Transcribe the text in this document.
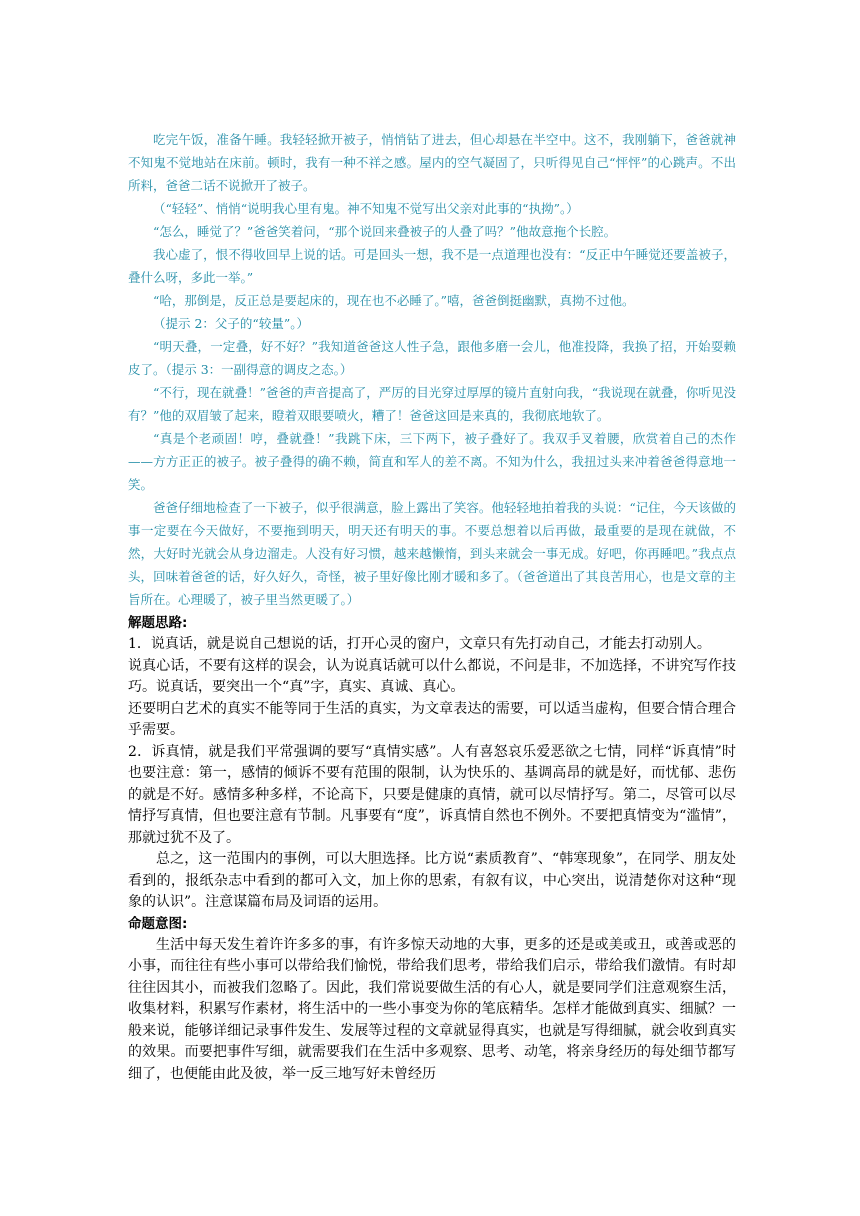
吃完午饭，准备午睡。我轻轻掀开被子，悄悄钻了进去，但心却悬在半空中。这不，我刚躺下，爸爸就神不知鬼不觉地站在床前。顿时，我有一种不祥之感。屋内的空气凝固了，只听得见自己“怦怦”的心跳声。不出所料，爸爸二话不说掀开了被子。

（“轻轻”、悄悄“说明我心里有鬼。神不知鬼不觉写出父亲对此事的“执拗”。）

“怎么，睡觉了？”爸爸笑着问，“那个说回来叠被子的人叠了吗？”他故意拖个长腔。

我心虚了，恨不得收回早上说的话。可是回头一想，我不是一点道理也没有：“反正中午睡觉还要盖被子，叠什么呀，多此一举。”

“哈，那倒是，反正总是要起床的，现在也不必睡了。”嘻，爸爸倒挺幽默，真拗不过他。

（提示 2：父子的“较量”。）

“明天叠，一定叠，好不好？”我知道爸爸这人性子急，跟他多磨一会儿，他准投降，我换了招，开始耍赖皮了。（提示 3：一副得意的调皮之态。）

“不行，现在就叠！”爸爸的声音提高了，严厉的目光穿过厚厚的镜片直射向我，“我说现在就叠，你听见没有？”他的双眉皱了起来，瞪着双眼要喷火，糟了！爸爸这回是来真的，我彻底地软了。

“真是个老顽固！哼，叠就叠！”我跳下床，三下两下，被子叠好了。我双手叉着腰，欣赏着自己的杰作——方方正正的被子。被子叠得的确不赖，简直和军人的差不离。不知为什么，我扭过头来冲着爸爸得意地一笑。

爸爸仔细地检查了一下被子，似乎很满意，脸上露出了笑容。他轻轻地拍着我的头说：“记住，今天该做的事一定要在今天做好，不要拖到明天，明天还有明天的事。不要总想着以后再做，最重要的是现在就做，不然，大好时光就会从身边溜走。人没有好习惯，越来越懒惰，到头来就会一事无成。好吧，你再睡吧。”我点点头，回味着爸爸的话，好久好久，奇怪，被子里好像比刚才暖和多了。（爸爸道出了其良苦用心，也是文章的主旨所在。心理暖了，被子里当然更暖了。）

解题思路:

1．说真话，就是说自己想说的话，打开心灵的窗户，文章只有先打动自己，才能去打动别人。

说真心话，不要有这样的误会，认为说真话就可以什么都说，不问是非，不加选择，不讲究写作技巧。说真话，要突出一个“真”字，真实、真诚、真心。

还要明白艺术的真实不能等同于生活的真实，为文章表达的需要，可以适当虚构，但要合情合理合乎需要。

2．诉真情，就是我们平常强调的要写“真情实感”。人有喜怒哀乐爱恶欲之七情，同样“诉真情”时也要注意：第一，感情的倾诉不要有范围的限制，认为快乐的、基调高昂的就是好，而忧郁、悲伤的就是不好。感情多种多样，不论高下，只要是健康的真情，就可以尽情抒写。第二，尽管可以尽情抒写真情，但也要注意有节制。凡事要有“度”，诉真情自然也不例外。不要把真情变为“滥情”，那就过犹不及了。

总之，这一范围内的事例，可以大胆选择。比方说“素质教育”、“韩寒现象”，在同学、朋友处看到的，报纸杂志中看到的都可入文，加上你的思索，有叙有议，中心突出，说清楚你对这种“现象的认识”。注意谋篇布局及词语的运用。

命题意图:

生活中每天发生着许许多多的事，有许多惊天动地的大事，更多的还是或美或丑，或善或恶的小事，而往往有些小事可以带给我们愉悦，带给我们思考，带给我们启示，带给我们激情。有时却往往因其小，而被我们忽略了。因此，我们常说要做生活的有心人，就是要同学们注意观察生活，收集材料，积累写作素材，将生活中的一些小事变为你的笔底精华。怎样才能做到真实、细腻？一般来说，能够详细记录事件发生、发展等过程的文章就显得真实，也就是写得细腻，就会收到真实的效果。而要把事件写细，就需要我们在生活中多观察、思考、动笔，将亲身经历的每处细节都写细了，也便能由此及彼，举一反三地写好未曾经历
